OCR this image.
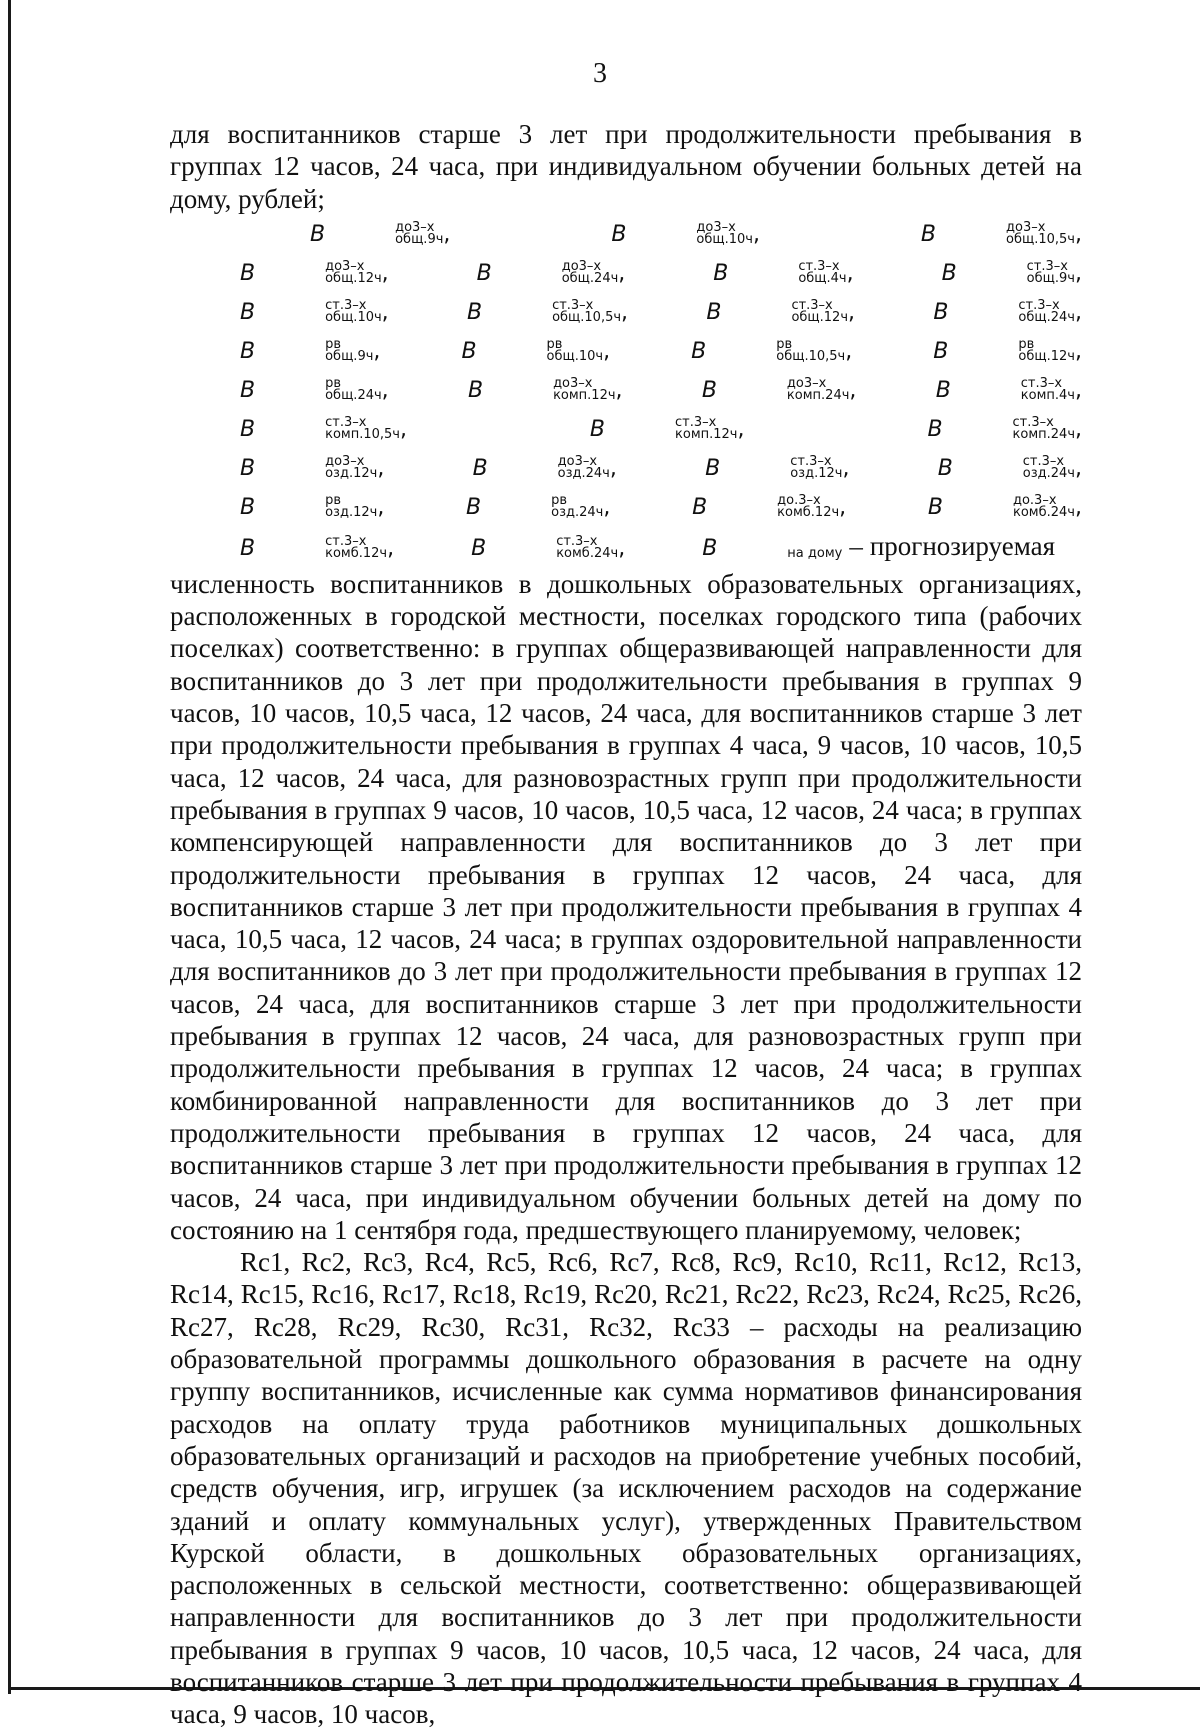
3

для воспитанников старше 3 лет при продолжительности пребывания в группах 12 часов, 24 часа, при индивидуальном обучении больных детей на дому, рублей;

В	до3–х
общ.9ч ,	В	до3–х
общ.10ч ,	В	до3–х
общ.10,5ч , В	до3–х
общ.12ч ,	В	до3–х
общ.24ч ,	В	ст.3–х
общ.4ч ,	В	ст.3–х
общ.9ч , В	ст.3–х
общ.10ч ,	В	ст.3–х
общ.10,5ч ,	В	ст.3–х
общ.12ч ,	В	ст.3–х
общ.24ч , В	рв
общ.9ч ,	В	рв
общ.10ч ,	В	рв
общ.10,5ч ,	В	рв
общ.12ч , В	рв
общ.24ч ,	В	до3–х
комп.12ч ,	В	до3–х
комп.24ч ,	В	ст.3–х
комп.4ч , В	ст.3–х
комп.10,5ч ,	В	ст.3–х
комп.12ч ,	В	ст.3–х
комп.24ч , В	до3–х
озд.12ч ,	В	до3–х
озд.24ч ,	В	ст.3–х
озд.12ч ,	В	ст.3–х
озд.24ч , В	рв
озд.12ч ,	В	рв
озд.24ч ,	В	до.3–х
комб.12ч ,	В	до.3–х
комб.24ч , В	ст.3–х
комб.12ч ,	В	ст.3–х
комб.24ч ,	В
	на дому – прогнозируемая

численность воспитанников в дошкольных образовательных организациях, расположенных в городской местности, поселках городского типа (рабочих поселках) соответственно: в группах общеразвивающей направленности для воспитанников до 3 лет при продолжительности пребывания в группах 9 часов, 10 часов, 10,5 часа, 12 часов, 24 часа, для воспитанников старше 3 лет при продолжительности пребывания в группах 4 часа, 9 часов, 10 часов, 10,5 часа, 12 часов, 24 часа, для разновозрастных групп при продолжительности пребывания в группах 9 часов, 10 часов, 10,5 часа, 12 часов, 24 часа; в группах компенсирующей направленности для воспитанников до 3 лет при продолжительности пребывания в группах 12 часов, 24 часа, для воспитанников старше 3 лет при продолжительности пребывания в группах 4 часа, 10,5 часа, 12 часов, 24 часа; в группах оздоровительной направленности для воспитанников до 3 лет при продолжительности пребывания в группах 12 часов, 24 часа, для воспитанников старше 3 лет при продолжительности пребывания в группах 12 часов, 24 часа, для разновозрастных групп при продолжительности пребывания в группах 12 часов, 24 часа; в группах комбинированной направленности для воспитанников до 3 лет при продолжительности пребывания в группах 12 часов, 24 часа, для воспитанников старше 3 лет при продолжительности пребывания в группах 12 часов, 24 часа, при индивидуальном обучении больных детей на дому по состоянию на 1 сентября года, предшествующего планируемому, человек;

Rc1, Rc2, Rc3, Rc4, Rc5, Rc6, Rc7, Rc8, Rc9, Rc10, Rc11, Rc12, Rc13, Rc14, Rc15, Rc16, Rc17, Rc18, Rc19, Rc20, Rc21, Rc22, Rc23, Rc24, Rc25, Rc26, Rc27, Rc28, Rc29, Rc30, Rc31, Rc32, Rc33 – расходы на реализацию образовательной программы дошкольного образования в расчете на одну группу воспитанников, исчисленные как сумма нормативов финансирования расходов на оплату труда работников муниципальных дошкольных образовательных организаций и расходов на приобретение учебных пособий, средств обучения, игр, игрушек (за исключением расходов на содержание зданий и оплату коммунальных услуг), утвержденных Правительством Курской области, в дошкольных образовательных организациях, расположенных в сельской местности, соответственно: общеразвивающей направленности для воспитанников до 3 лет при продолжительности пребывания в группах 9 часов, 10 часов, 10,5 часа, 12 часов, 24 часа, для воспитанников старше 3 лет при продолжительности пребывания в группах 4 часа, 9 часов, 10 часов,
